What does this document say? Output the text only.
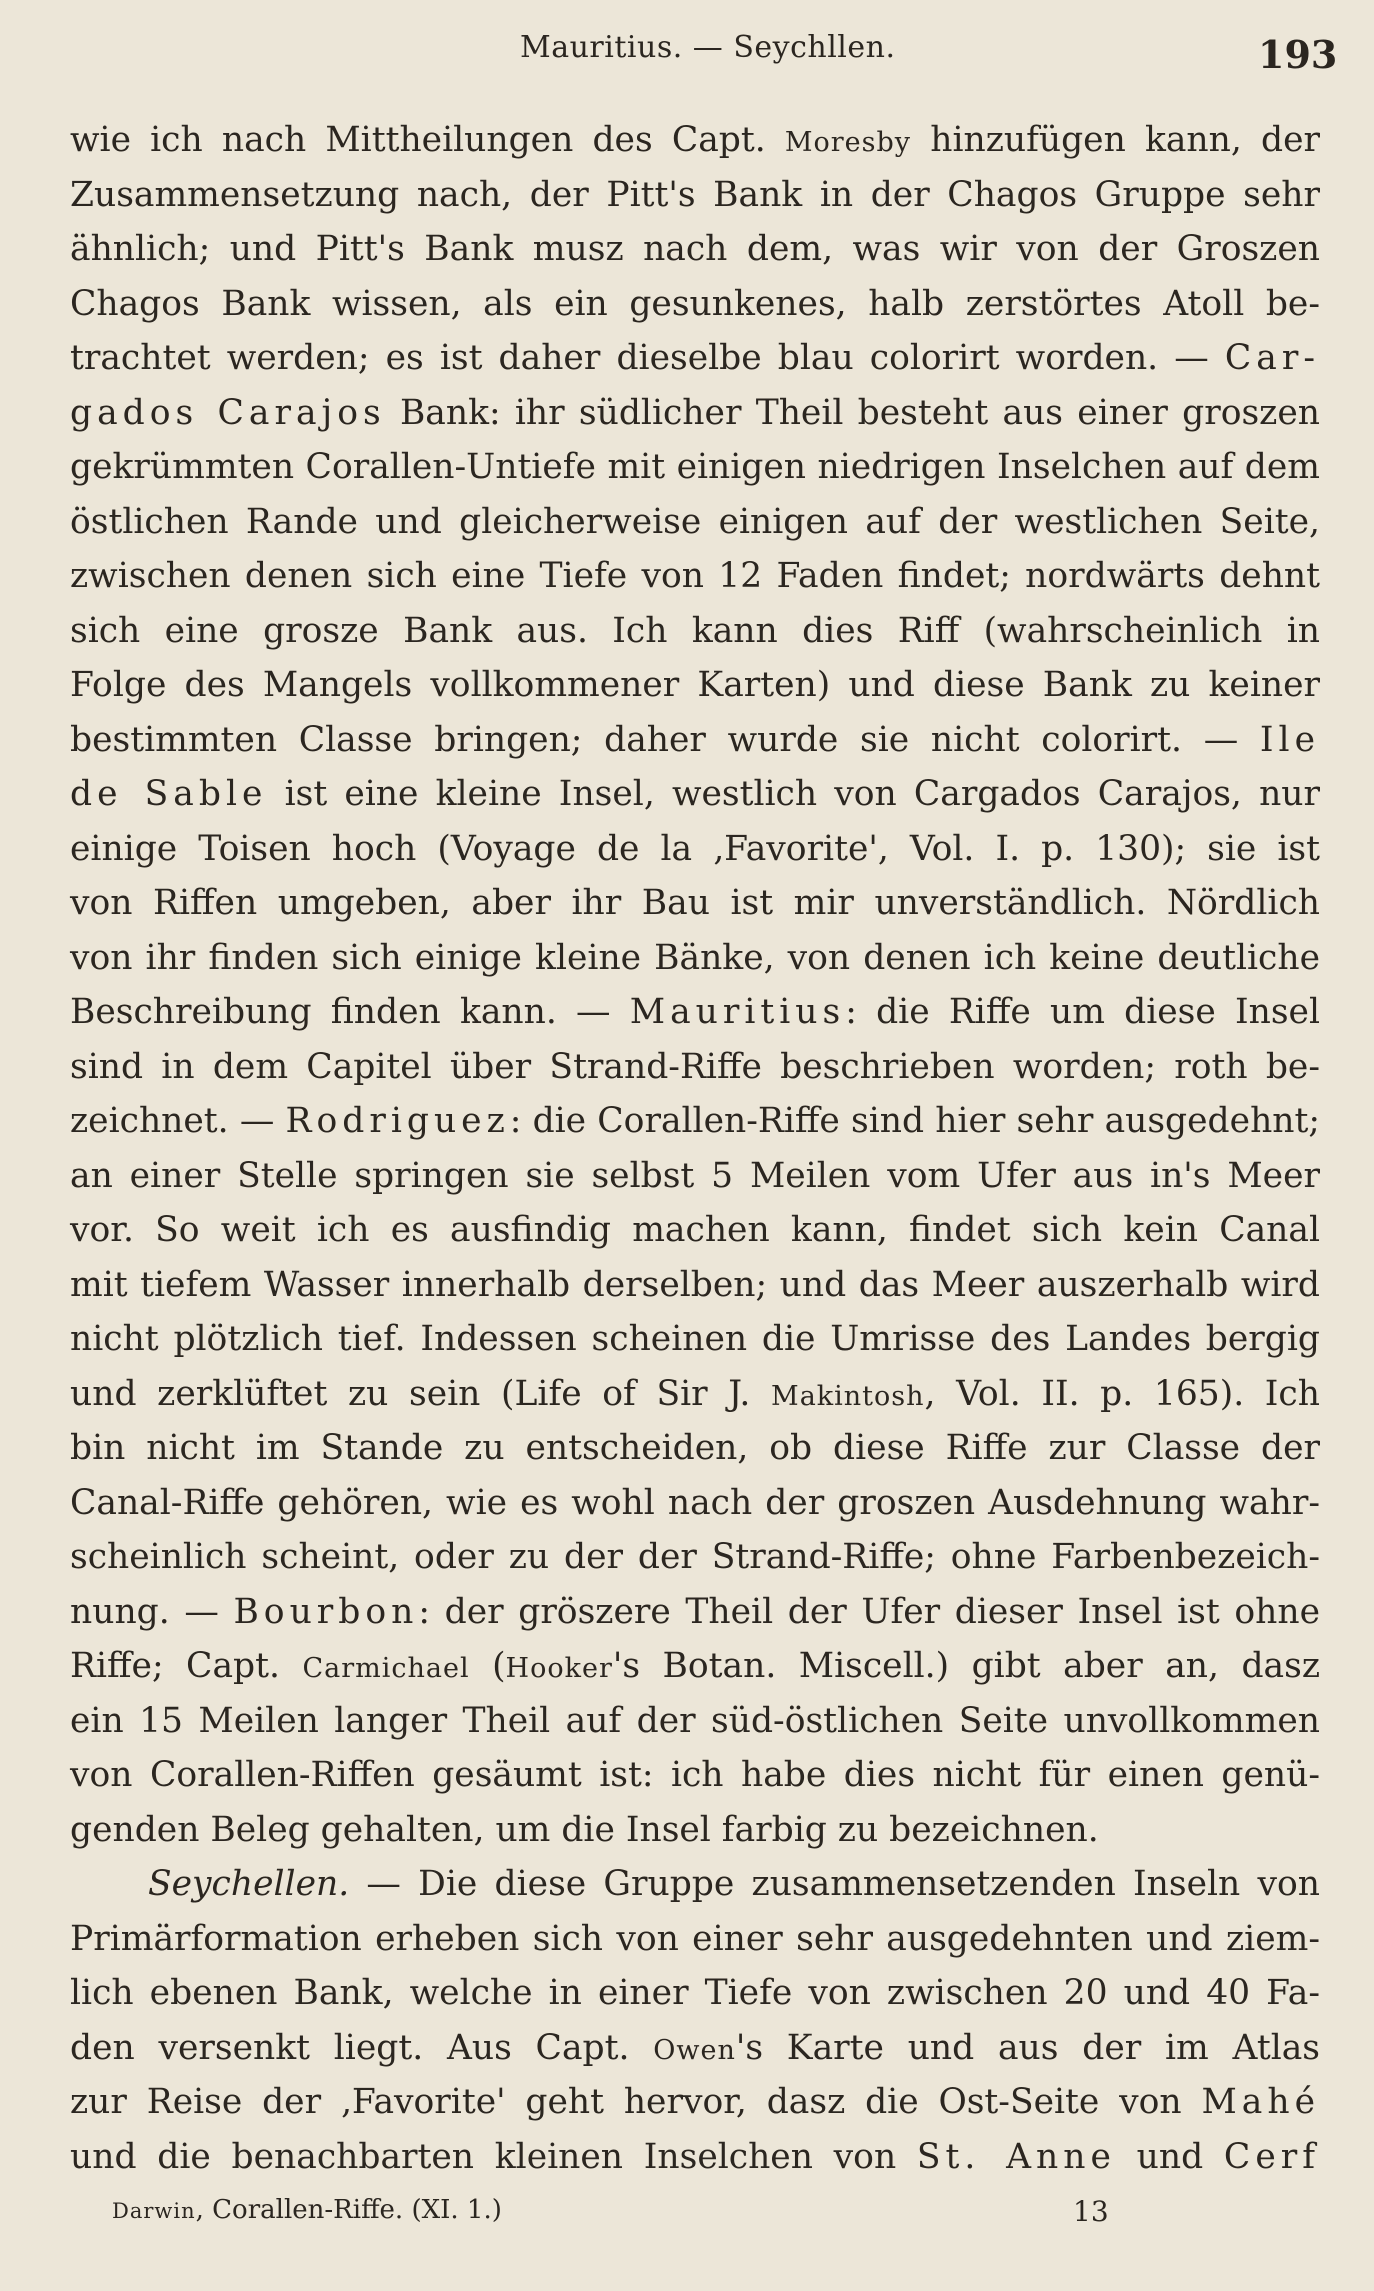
Mauritius. — Seychllen.	193
wie ich nach Mittheilungen des Capt. Moresby hinzufügen kann, der
Zusammensetzung nach, der Pitt's Bank in der Chagos Gruppe sehr
ähnlich; und Pitt's Bank musz nach dem, was wir von der Groszen
Chagos Bank wissen, als ein gesunkenes, halb zerstörtes Atoll be-
trachtet werden; es ist daher dieselbe blau colorirt worden. — Car-
gados Carajos Bank: ihr südlicher Theil besteht aus einer groszen
gekrümmten Corallen-Untiefe mit einigen niedrigen Inselchen auf dem
östlichen Rande und gleicherweise einigen auf der westlichen Seite,
zwischen denen sich eine Tiefe von 12 Faden findet; nordwärts dehnt
sich eine grosze Bank aus. Ich kann dies Riff (wahrscheinlich in
Folge des Mangels vollkommener Karten) und diese Bank zu keiner
bestimmten Classe bringen; daher wurde sie nicht colorirt. — Ile
de Sable ist eine kleine Insel, westlich von Cargados Carajos, nur
einige Toisen hoch (Voyage de la ‚Favorite', Vol. I. p. 130); sie ist
von Riffen umgeben, aber ihr Bau ist mir unverständlich. Nördlich
von ihr finden sich einige kleine Bänke, von denen ich keine deutliche
Beschreibung finden kann. — Mauritius: die Riffe um diese Insel
sind in dem Capitel über Strand-Riffe beschrieben worden; roth be-
zeichnet. — Rodriguez: die Corallen-Riffe sind hier sehr ausgedehnt;
an einer Stelle springen sie selbst 5 Meilen vom Ufer aus in's Meer
vor. So weit ich es ausfindig machen kann, findet sich kein Canal
mit tiefem Wasser innerhalb derselben; und das Meer auszerhalb wird
nicht plötzlich tief. Indessen scheinen die Umrisse des Landes bergig
und zerklüftet zu sein (Life of Sir J. Makintosh, Vol. II. p. 165). Ich
bin nicht im Stande zu entscheiden, ob diese Riffe zur Classe der
Canal-Riffe gehören, wie es wohl nach der groszen Ausdehnung wahr-
scheinlich scheint, oder zu der der Strand-Riffe; ohne Farbenbezeich-
nung. — Bourbon: der gröszere Theil der Ufer dieser Insel ist ohne
Riffe; Capt. Carmichael (Hooker's Botan. Miscell.) gibt aber an, dasz
ein 15 Meilen langer Theil auf der süd-östlichen Seite unvollkommen
von Corallen-Riffen gesäumt ist: ich habe dies nicht für einen genü-
genden Beleg gehalten, um die Insel farbig zu bezeichnen.
Seychellen. — Die diese Gruppe zusammensetzenden Inseln von
Primärformation erheben sich von einer sehr ausgedehnten und ziem-
lich ebenen Bank, welche in einer Tiefe von zwischen 20 und 40 Fa-
den versenkt liegt. Aus Capt. Owen's Karte und aus der im Atlas
zur Reise der ‚Favorite' geht hervor, dasz die Ost-Seite von Mahé
und die benachbarten kleinen Inselchen von St. Anne und Cerf
Darwin, Corallen-Riffe. (XI. 1.)	13
